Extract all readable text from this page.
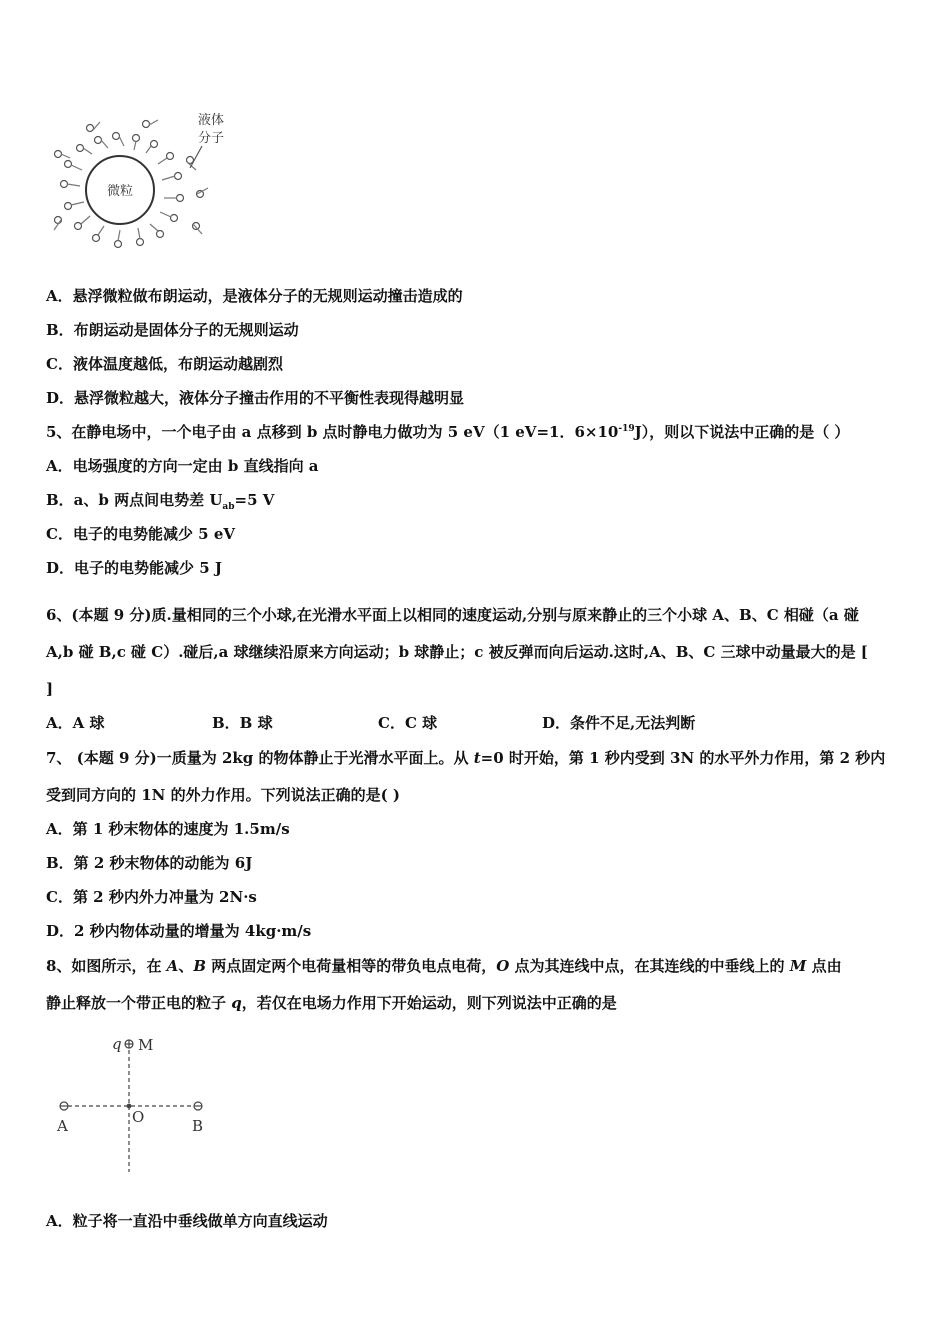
微粒
液体
分子
A．悬浮微粒做布朗运动，是液体分子的无规则运动撞击造成的
B．布朗运动是固体分子的无规则运动
C．液体温度越低，布朗运动越剧烈
D．悬浮微粒越大，液体分子撞击作用的不平衡性表现得越明显
5、在静电场中，一个电子由 a 点移到 b 点时静电力做功为 5 eV（1 eV=1．$6\times 10^{-19}J$），则以下说法中正确的是（ ）
A．电场强度的方向一定由 b 直线指向 a
B．a、b 两点间电势差 $U_{ab}=5$ V
C．电子的电势能减少 5 eV
D．电子的电势能减少 5 J
6、(本题 9 分)质.量相同的三个小球,在光滑水平面上以相同的速度运动,分别与原来静止的三个小球 A、B、C 相碰（a 碰
A,b 碰 B,c 碰 C）.碰后,a 球继续沿原来方向运动；b 球静止；c 被反弹而向后运动.这时,A、B、C 三球中动量最大的是 [
]
A．A 球	B．B 球	C．C 球	D．条件不足,无法判断
7、 (本题 9 分)一质量为 2kg 的物体静止于光滑水平面上。从 t=0 时开始，第 1 秒内受到 3N 的水平外力作用，第 2 秒内
受到同方向的 1N 的外力作用。下列说法正确的是( )
A．第 1 秒末物体的速度为 1.5m/s
B．第 2 秒末物体的动能为 6J
C．第 2 秒内外力冲量为 2N·s
D．2 秒内物体动量的增量为 4kg·m/s
8、如图所示，在 A、B 两点固定两个电荷量相等的带负电点电荷，O 点为其连线中点，在其连线的中垂线上的 M 点由
静止释放一个带正电的粒子 q，若仅在电场力作用下开始运动，则下列说法中正确的是
q M
A	O	B
A．粒子将一直沿中垂线做单方向直线运动
